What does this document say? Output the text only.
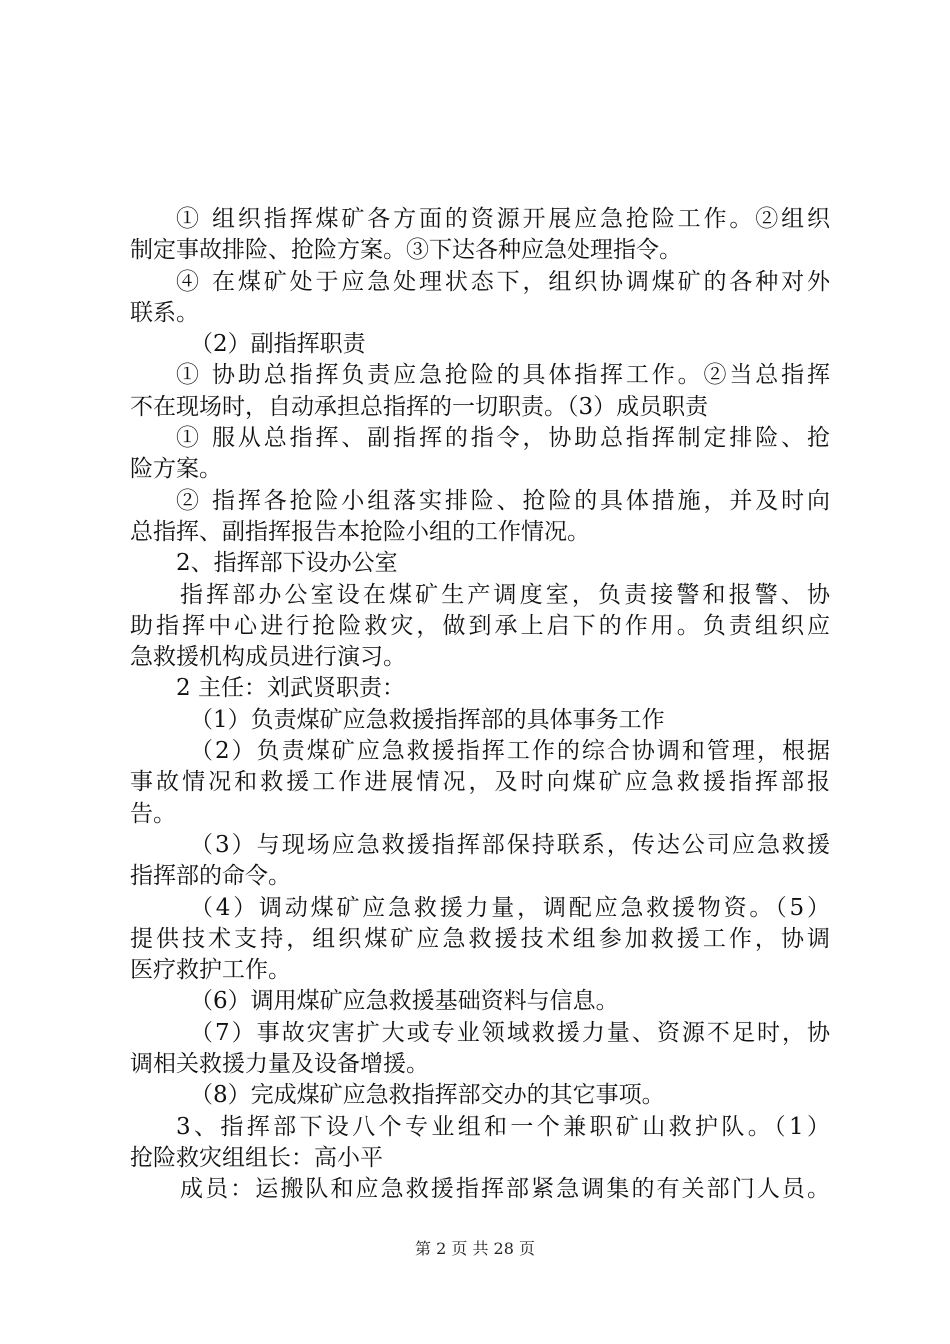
① 组织指挥煤矿各方面的资源开展应急抢险工作。②组织
制定事故排险、抢险方案。③下达各种应急处理指令。
④ 在煤矿处于应急处理状态下，组织协调煤矿的各种对外
联系。
（2）副指挥职责
① 协助总指挥负责应急抢险的具体指挥工作。②当总指挥
不在现场时，自动承担总指挥的一切职责。（3）成员职责
① 服从总指挥、副指挥的指令，协助总指挥制定排险、抢
险方案。
② 指挥各抢险小组落实排险、抢险的具体措施，并及时向
总指挥、副指挥报告本抢险小组的工作情况。
2、指挥部下设办公室
指挥部办公室设在煤矿生产调度室，负责接警和报警、协
助指挥中心进行抢险救灾，做到承上启下的作用。负责组织应
急救援机构成员进行演习。
2 主任：刘武贤职责：
（1）负责煤矿应急救援指挥部的具体事务工作
（2）负责煤矿应急救援指挥工作的综合协调和管理，根据
事故情况和救援工作进展情况，及时向煤矿应急救援指挥部报
告。
（3）与现场应急救援指挥部保持联系，传达公司应急救援
指挥部的命令。
（4）调动煤矿应急救援力量，调配应急救援物资。（5）
提供技术支持，组织煤矿应急救援技术组参加救援工作，协调
医疗救护工作。
（6）调用煤矿应急救援基础资料与信息。
（7）事故灾害扩大或专业领域救援力量、资源不足时，协
调相关救援力量及设备增援。
（8）完成煤矿应急救指挥部交办的其它事项。
3、指挥部下设八个专业组和一个兼职矿山救护队。（1）
抢险救灾组组长：高小平
成员：运搬队和应急救援指挥部紧急调集的有关部门人员。
第 2 页 共 28 页
